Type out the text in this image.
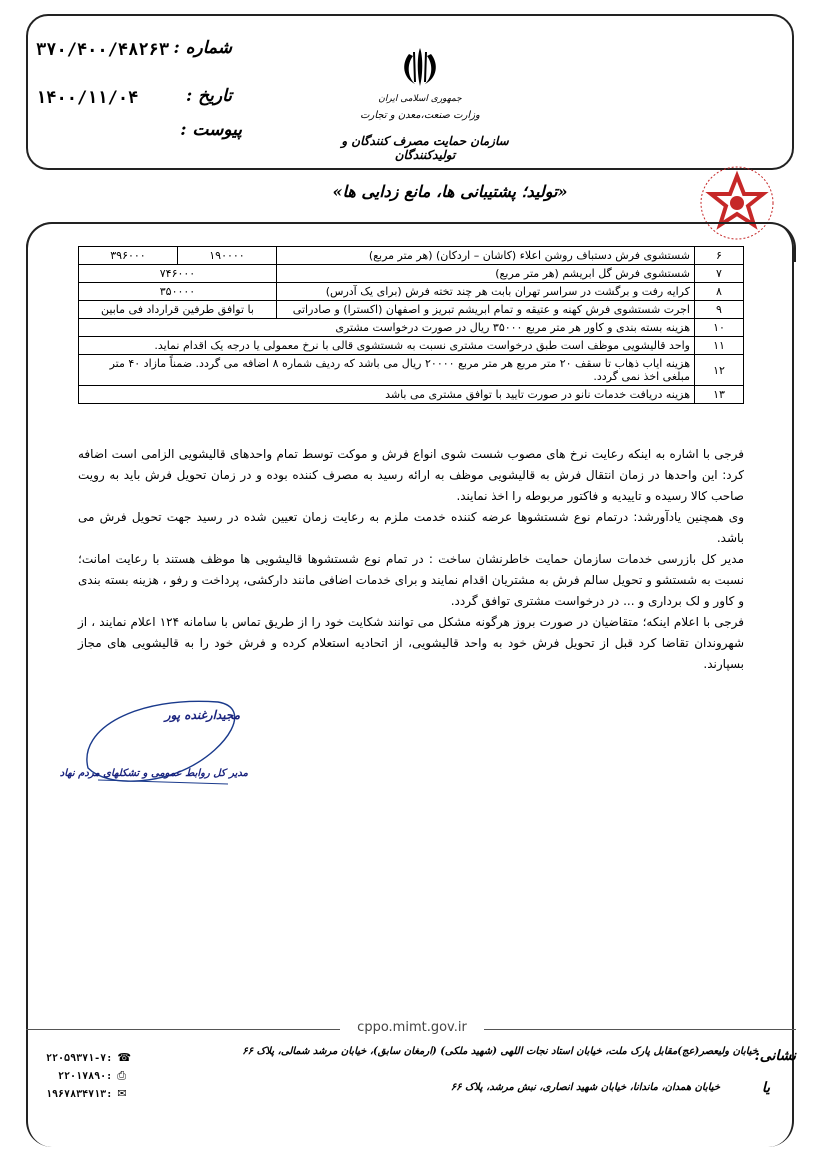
۳۷۰/۴۰۰/۴۸۲۶۳ شماره :
۱۴۰۰/۱۱/۰۴	تاریخ :
پیوست :
جمهوری اسلامی ایران
وزارت صنعت،معدن و تجارت
سازمان حمایت مصرف کنندگان و تولیدکنندگان
«تولید؛ پشتیبانی ها، مانع زدایی ها»
۶	شستشوی فرش دستباف روشن اعلاء (کاشان – اردکان) (هر متر مربع)	۱۹۰۰۰۰	۳۹۶۰۰۰
۷	شستشوی فرش گل ابریشم (هر متر مربع)	۷۴۶۰۰۰	
۸	کرایه رفت و برگشت در سراسر تهران بابت هر چند تخته فرش (برای یک آدرس)	۳۵۰۰۰۰	
۹	اجرت شستشوی فرش کهنه و عتیقه و تمام ابریشم تبریز و اصفهان (اکسترا) و صادراتی	با توافق طرفین قرارداد فی مابین	
۱۰	هزینه بسته بندی و کاور هر متر مربع ۳۵۰۰۰ ریال در صورت درخواست مشتری		
۱۱	واحد قالیشویی موظف است طبق درخواست مشتری نسبت به شستشوی قالی با نرخ معمولی یا درجه یک اقدام نماید.		
۱۲	هزینه ایاب ذهاب تا سقف ۲۰ متر مربع هر متر مربع ۲۰۰۰۰ ریال می باشد که ردیف شماره ۸ اضافه می گردد. ضمناً مازاد ۴۰ متر مبلغی اخذ نمی گردد.		
۱۳	هزینه دریافت خدمات نانو در صورت تایید با توافق مشتری می باشد		

فرجی با اشاره به اینکه رعایت نرخ های مصوب شست شوی انواع فرش و موکت توسط تمام واحدهای قالیشویی الزامی است اضافه کرد: این واحدها در زمان انتقال فرش به قالیشویی موظف به ارائه رسید به مصرف کننده بوده و در زمان تحویل فرش باید به رویت صاحب کالا رسیده و تاییدیه و فاکتور مربوطه را اخذ نمایند.

وی همچنین یادآورشد: درتمام نوع شستشوها عرضه کننده خدمت ملزم به رعایت زمان تعیین شده در رسید جهت تحویل فرش می باشد.

مدیر کل بازرسی خدمات سازمان حمایت خاطرنشان ساخت : در تمام نوع شستشوها قالیشویی ها موظف هستند با رعایت امانت؛ نسبت به شستشو و تحویل سالم فرش به مشتریان اقدام نمایند و برای خدمات اضافی مانند دارکشی، پرداخت و رفو ، هزینه بسته بندی و کاور و لک برداری و ... در درخواست مشتری توافق گردد.

فرجی با اعلام اینکه؛ متقاضیان در صورت بروز هرگونه مشکل می توانند شکایت خود را از طریق تماس با سامانه ۱۲۴ اعلام نمایند ، از شهروندان تقاضا کرد قبل از تحویل فرش خود به واحد قالیشویی، از اتحادیه استعلام کرده و فرش خود را به قالیشویی های مجاز بسپارند.

مجیدارغنده پور
مدیر کل روابط عمومی و تشکلهای مردم نهاد
cppo.mimt.gov.ir
خیابان ولیعصر(عج)مقابل پارک ملت، خیابان استاد نجات اللهی (شهید ملکی) (ارمغان سابق)، خیابان مرشد شمالی، پلاک ۶۶
نشانی:
یا
خیابان همدان، ماندانا، خیابان شهید انصاری، نبش مرشد، پلاک ۶۶
۲۲۰۵۹۳۷۱-۷: ☎
۲۲۰۱۷۸۹۰: ⎙
۱۹۶۷۸۳۴۷۱۳: ✉
